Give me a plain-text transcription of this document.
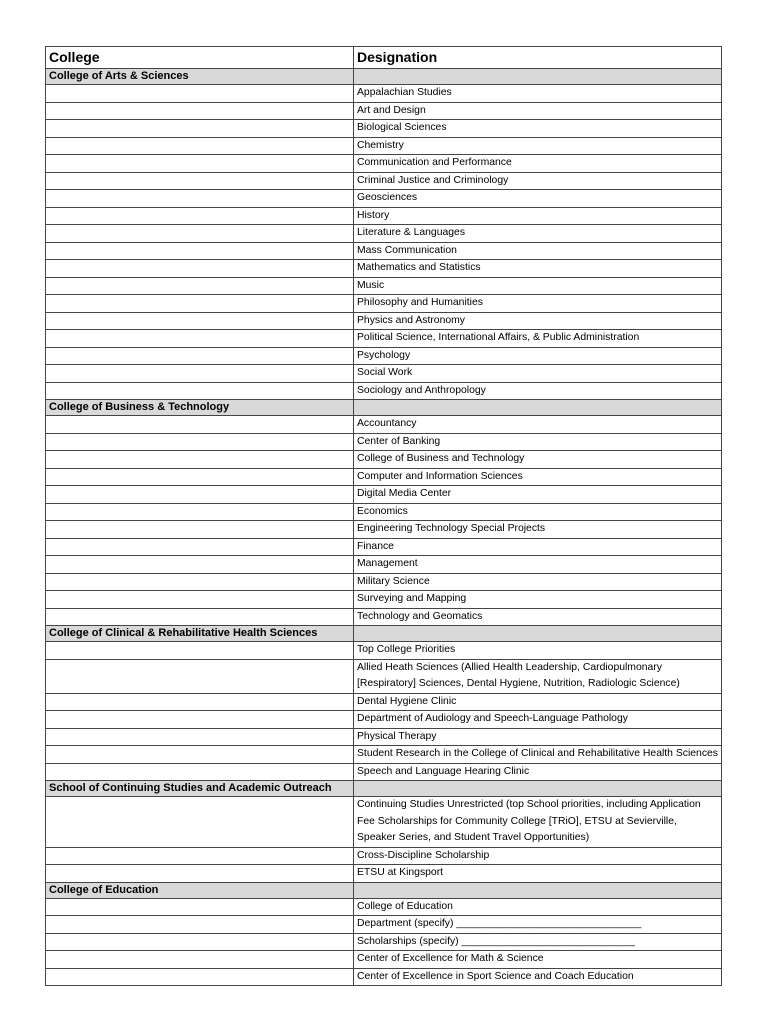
College	Designation
College of Arts & Sciences	
	Appalachian Studies
	Art and Design
	Biological Sciences
	Chemistry
	Communication and Performance
	Criminal Justice and Criminology
	Geosciences
	History
	Literature & Languages
	Mass Communication
	Mathematics and Statistics
	Music
	Philosophy and Humanities
	Physics and Astronomy
	Political Science, International Affairs, & Public Administration
	Psychology
	Social Work
	Sociology and Anthropology
College of Business & Technology	
	Accountancy
	Center of Banking
	College of Business and Technology
	Computer and Information Sciences
	Digital Media Center
	Economics
	Engineering Technology Special Projects
	Finance
	Management
	Military Science
	Surveying and Mapping
	Technology and Geomatics
College of Clinical & Rehabilitative Health Sciences	
	Top College Priorities
	Allied Heath Sciences (Allied Health Leadership, Cardiopulmonary [Respiratory] Sciences, Dental Hygiene, Nutrition, Radiologic Science)
	Dental Hygiene Clinic
	Department of Audiology and Speech-Language Pathology
	Physical Therapy
	Student Research in the College of Clinical and Rehabilitative Health Sciences
	Speech and Language Hearing Clinic
School of Continuing Studies and Academic Outreach	
	Continuing Studies Unrestricted (top School priorities, including Application Fee Scholarships for Community College [TRiO], ETSU at Sevierville, Speaker Series, and Student Travel Opportunities)
	Cross-Discipline Scholarship
	ETSU at Kingsport
College of Education	
	College of Education
	Department (specify) ________________________________
	Scholarships (specify) ______________________________
	Center of Excellence for Math & Science
	Center of Excellence in Sport Science and Coach Education
